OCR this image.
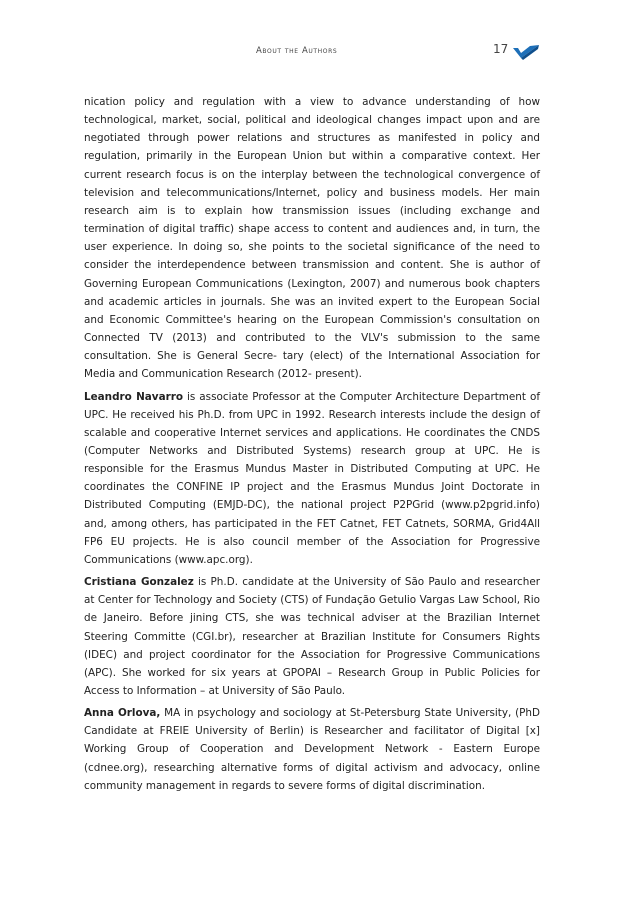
About the Authors	17

nication policy and regulation with a view to advance understanding of how technological, market, social, political and ideological changes impact upon and are negotiated through power relations and structures as manifested in policy and regulation, primarily in the European Union but within a comparative context. Her current research focus is on the interplay between the technological convergence of television and telecommunications/Internet, policy and business models. Her main research aim is to explain how transmission issues (including exchange and termination of digital traffic) shape access to content and audiences and, in turn, the user experience. In doing so, she points to the societal significance of the need to consider the interdependence between transmission and content. She is author of Governing European Communications (Lexington, 2007) and numerous book chapters and academic articles in journals. She was an invited expert to the European Social and Economic Committee's hearing on the European Commission's consultation on Connected TV (2013) and contributed to the VLV's submission to the same consultation. She is General Secre- tary (elect) of the International Association for Media and Communication Research (2012- present).

Leandro Navarro is associate Professor at the Computer Architecture Department of UPC. He received his Ph.D. from UPC in 1992. Research interests include the design of scalable and cooperative Internet services and applications. He coordinates the CNDS (Computer Networks and Distributed Systems) research group at UPC. He is responsible for the Erasmus Mundus Master in Distributed Computing at UPC. He coordinates the CONFINE IP project and the Erasmus Mundus Joint Doctorate in Distributed Computing (EMJD-DC), the national project P2PGrid (www.p2pgrid.info) and, among others, has participated in the FET Catnet, FET Catnets, SORMA, Grid4All FP6 EU projects. He is also council member of the Association for Progressive Communications (www.apc.org).

Cristiana Gonzalez is Ph.D. candidate at the University of São Paulo and researcher at Center for Technology and Society (CTS) of Fundação Getulio Vargas Law School, Rio de Janeiro. Before jining CTS, she was technical adviser at the Brazilian Internet Steering Committe (CGI.br), researcher at Brazilian Institute for Consumers Rights (IDEC) and project coordinator for the Association for Progressive Communications (APC). She worked for six years at GPOPAI – Research Group in Public Policies for Access to Information – at University of São Paulo.

Anna Orlova, MA in psychology and sociology at St-Petersburg State University, (PhD Candidate at FREIE University of Berlin) is Researcher and facilitator of Digital [x] Working Group of Cooperation and Development Network - Eastern Europe (cdnee.org), researching alternative forms of digital activism and advocacy, online community management in regards to severe forms of digital discrimination.
